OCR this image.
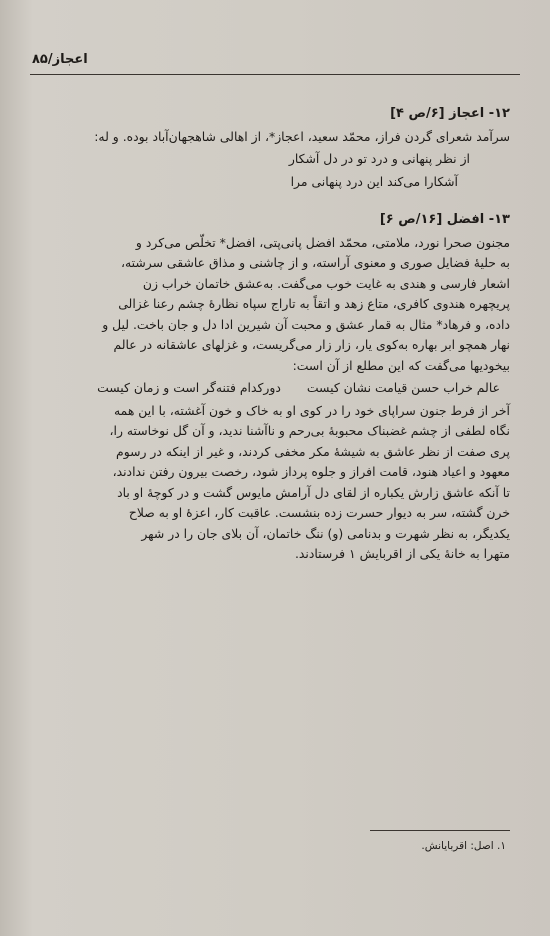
اعجاز/۸۵
۱۲- اعجاز [۶/ص ۴]
سرآمد شعرای گردن فراز، محمّد سعید، اعجاز*، از اهالی شاهجهان‌آباد بوده. و له:
از نظر پنهانی و درد تو در دل آشکار
آشکارا می‌کند این درد پنهانی مرا
۱۳- افضل [۱۶/ص ۶]
مجنون صحرا نورد، ملامتی، محمّد افضل پانی‌پتی، افضل* تخلّص می‌کرد و
به حلیهٔ فضایل صوری و معنوی آراسته، و از چاشنی و مذاق عاشقی سرشته،
اشعار فارسی و هندی به غایت خوب می‌گفت. به‌عشق خاتمان خراب زن
پریچهره هندوی کافری، متاع زهد و اتقاً به تاراج سپاه نظارهٔ چشم رعنا غزالی
داده، و فرهاد* مثال به قمار عشق و محبت آن شیرین ادا دل و جان باخت. لیل و
نهار همچو ابر بهاره به‌کوی یار، زار زار می‌گریست، و غزلهای عاشقانه در عالم
بیخودیها می‌گفت که این مطلع از آن است:
عالم خراب حسن قیامت نشان کیست
دورکدام فتنه‌گر است و زمان کیست
آخر از فرط جنون سراپای خود را در کوی او به خاک و خون آغشته، با این همه
نگاه لطفی از چشم غضبناک محبوبهٔ بی‌رحم و ناآشنا ندید، و آن گل نوخاسته را،
پری صفت از نظر عاشق به شیشهٔ مکر مخفی کردند، و غیر از اینکه در رسوم
معهود و اعیاد هنود، قامت افراز و جلوه پرداز شود، رخصت بیرون رفتن ندادند،
تا آنکه عاشق زارش یکباره از لقای دل آرامش مایوس گشت و در کوچهٔ او باد
خرن گشته، سر به دیوار حسرت زده بنشست. عاقبت کار، اعزهٔ او به صلاح
یکدیگر، به نظر شهرت و بدنامی (و) ننگ خاتمان، آن بلای جان را در شهر
متهرا به خانهٔ یکی از اقربایش ۱ فرستادند.
۱. اصل: اقربایانش.
